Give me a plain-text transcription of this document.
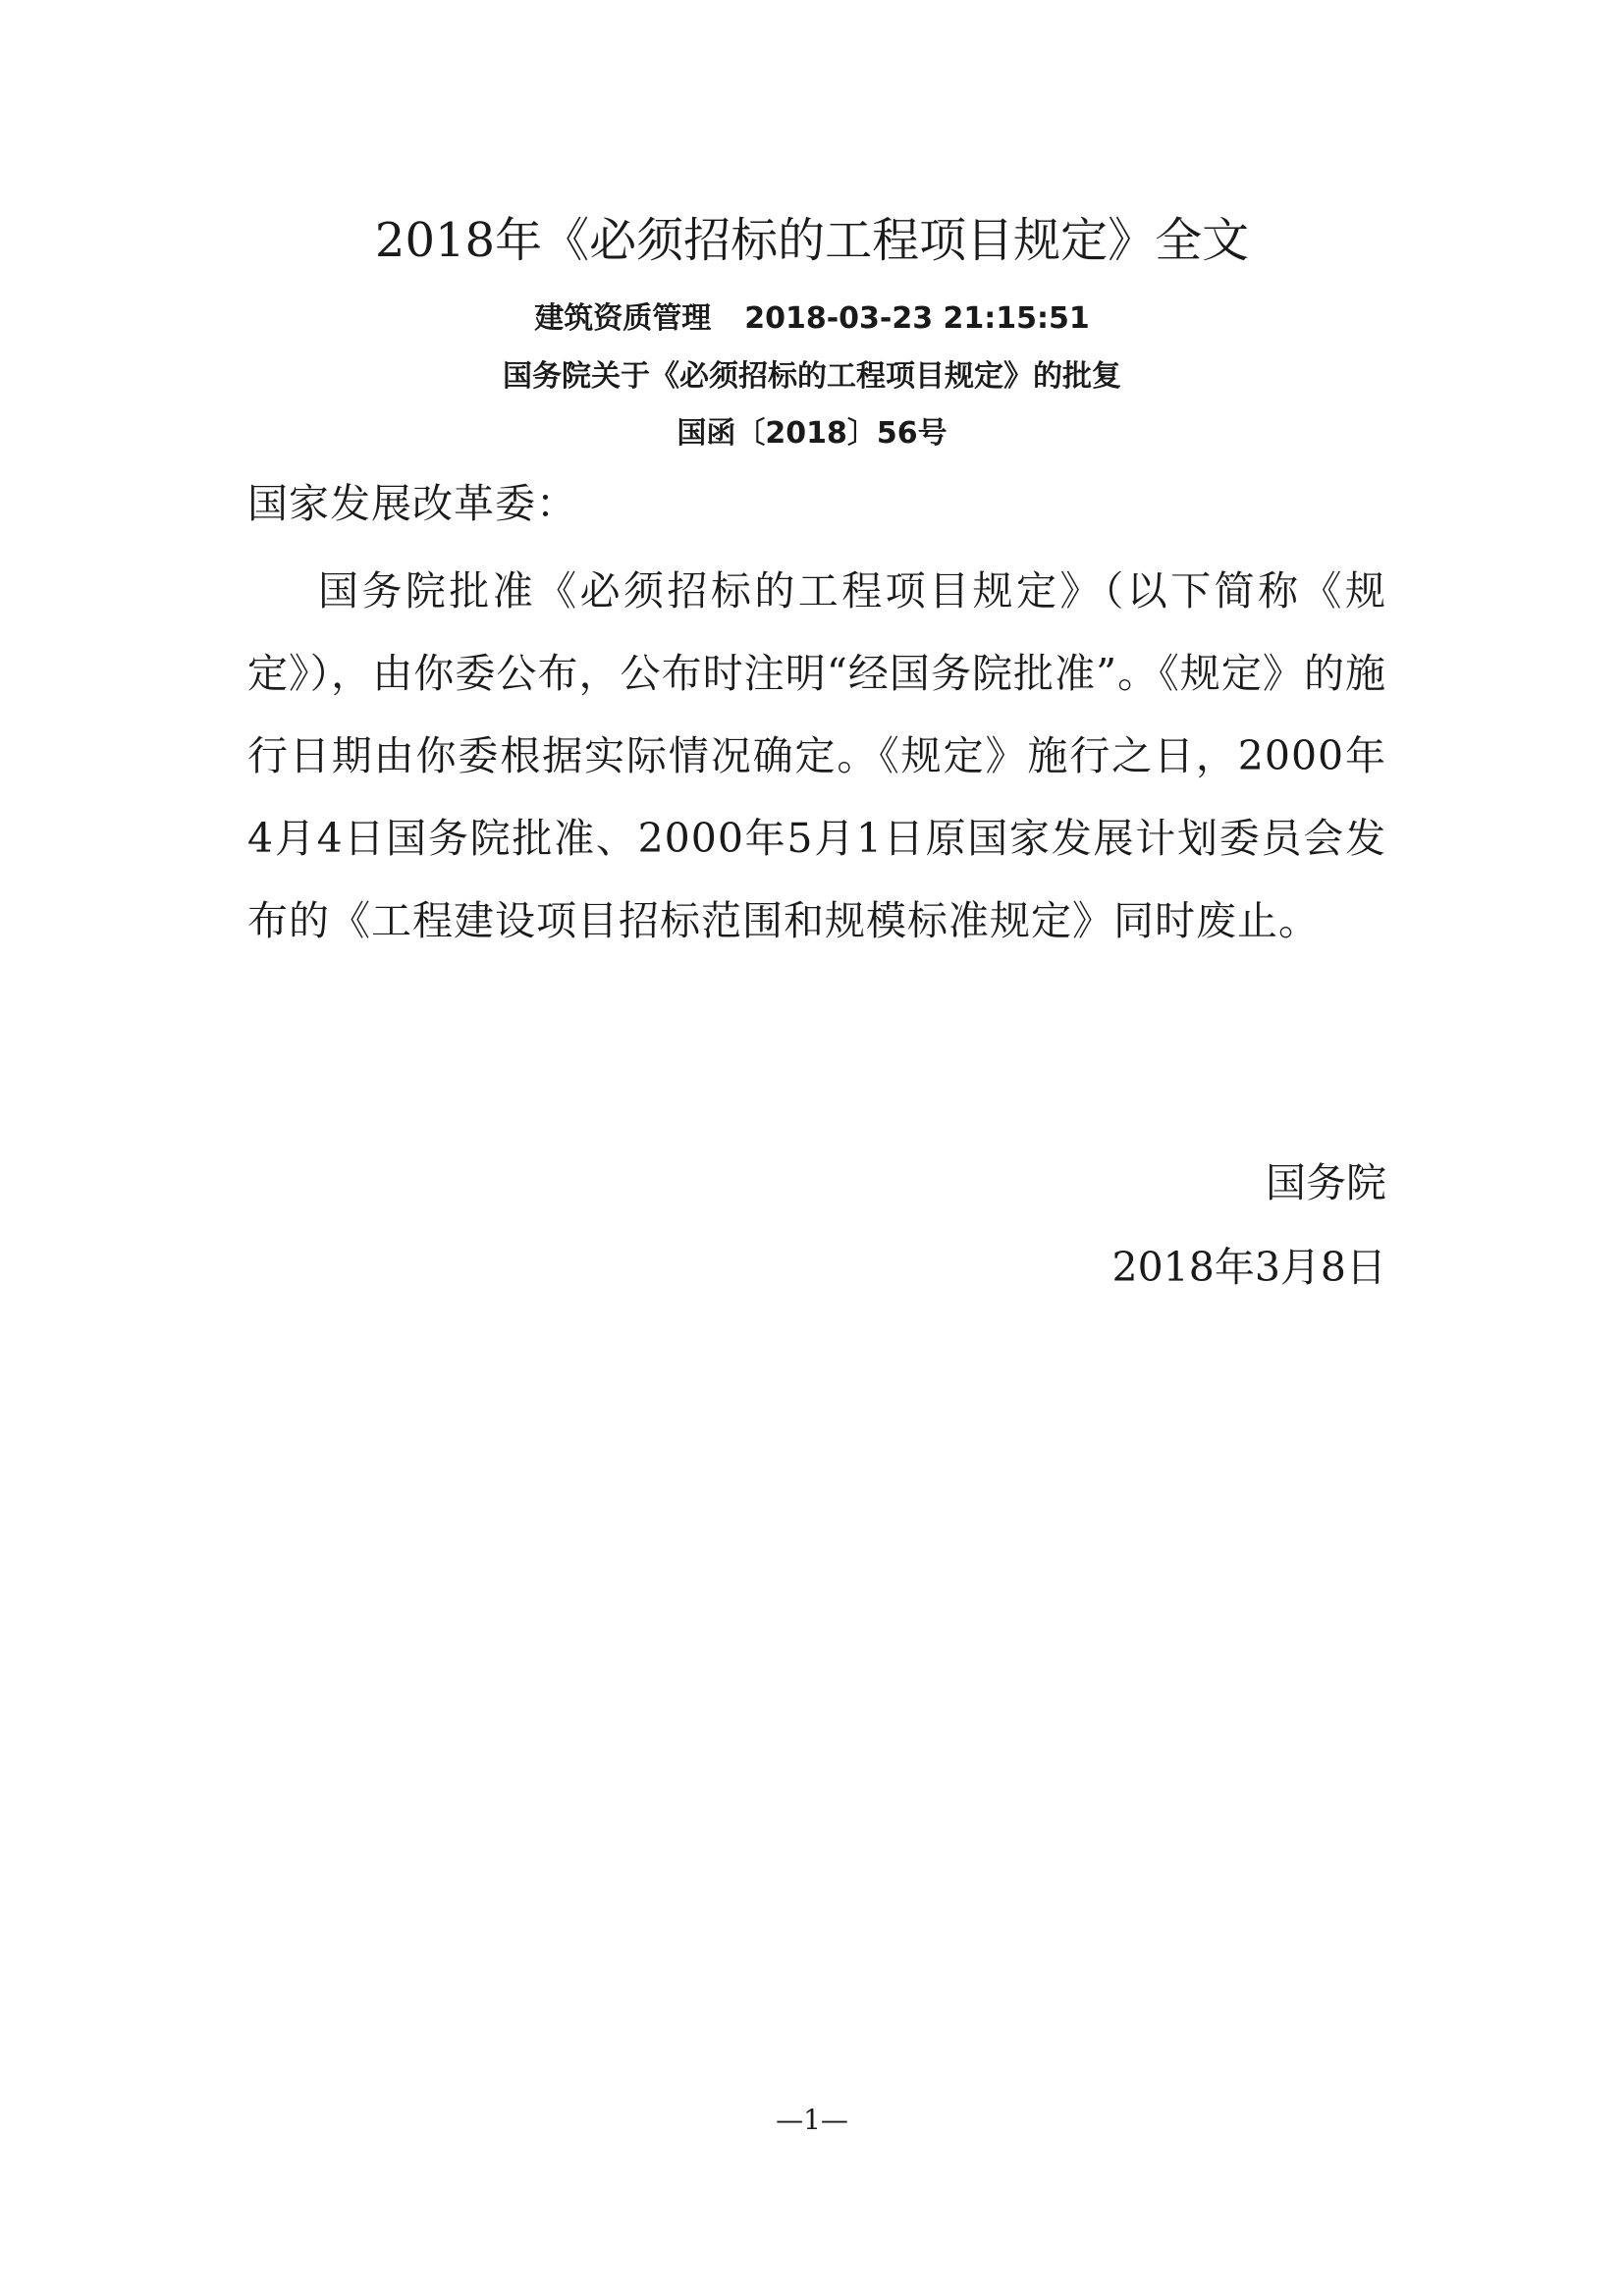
2018年《必须招标的工程项目规定》全文
建筑资质管理 2018-03-23 21:15:51
国务院关于《必须招标的工程项目规定》的批复
国函〔2018〕56号
国家发展改革委：
国务院批准《必须招标的工程项目规定》（以下简称《规定》），由你委公布，公布时注明“经国务院批准”。《规定》的施行日期由你委根据实际情况确定。《规定》施行之日，2000年4月4日国务院批准、2000年5月1日原国家发展计划委员会发布的《工程建设项目招标范围和规模标准规定》同时废止。
国务院
2018年3月8日
—1—
